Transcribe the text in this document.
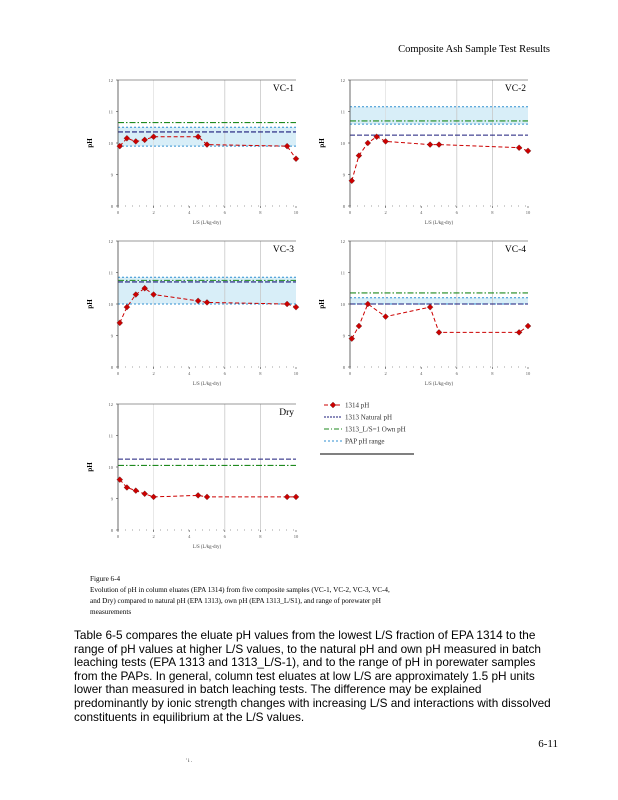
Composite Ash Sample Test Results
8
9
10
11
12
0	2	4	6	8	10
L/S (L/kg-dry)
pH
VC-1
8
9
10
11
12
0	2	4	6	8	10
L/S (L/kg-dry)
pH
VC-2
8
9
10
11
12
0	2	4	6	8	10
L/S (L/kg-dry)
pH
VC-3
8
9
10
11
12
0	2	4	6	8	10
L/S (L/kg-dry)
pH
VC-4
8
9
10
11
12
0	2	4	6	8	10
L/S (L/kg-dry)
pH
Dry
1314 pH
1313 Natural pH
1313_L/S=1 Own pH
PAP pH range
Figure 6-4
Evolution of pH in column eluates (EPA 1314) from five composite samples (VC-1, VC-2, VC-3, VC-4, and Dry) compared to natural pH (EPA 1313), own pH (EPA 1313_L/S1), and range of porewater pH measurements
Table 6-5 compares the eluate pH values from the lowest L/S fraction of EPA 1314 to the range of pH values at higher L/S values, to the natural pH and own pH measured in batch leaching tests (EPA 1313 and 1313_L/S-1), and to the range of pH in porewater samples from the PAPs. In general, column test eluates at low L/S are approximately 1.5 pH units lower than measured in batch leaching tests. The difference may be explained predominantly by ionic strength changes with increasing L/S and interactions with dissolved constituents in equilibrium at the L/S values.
6-11
' i .
